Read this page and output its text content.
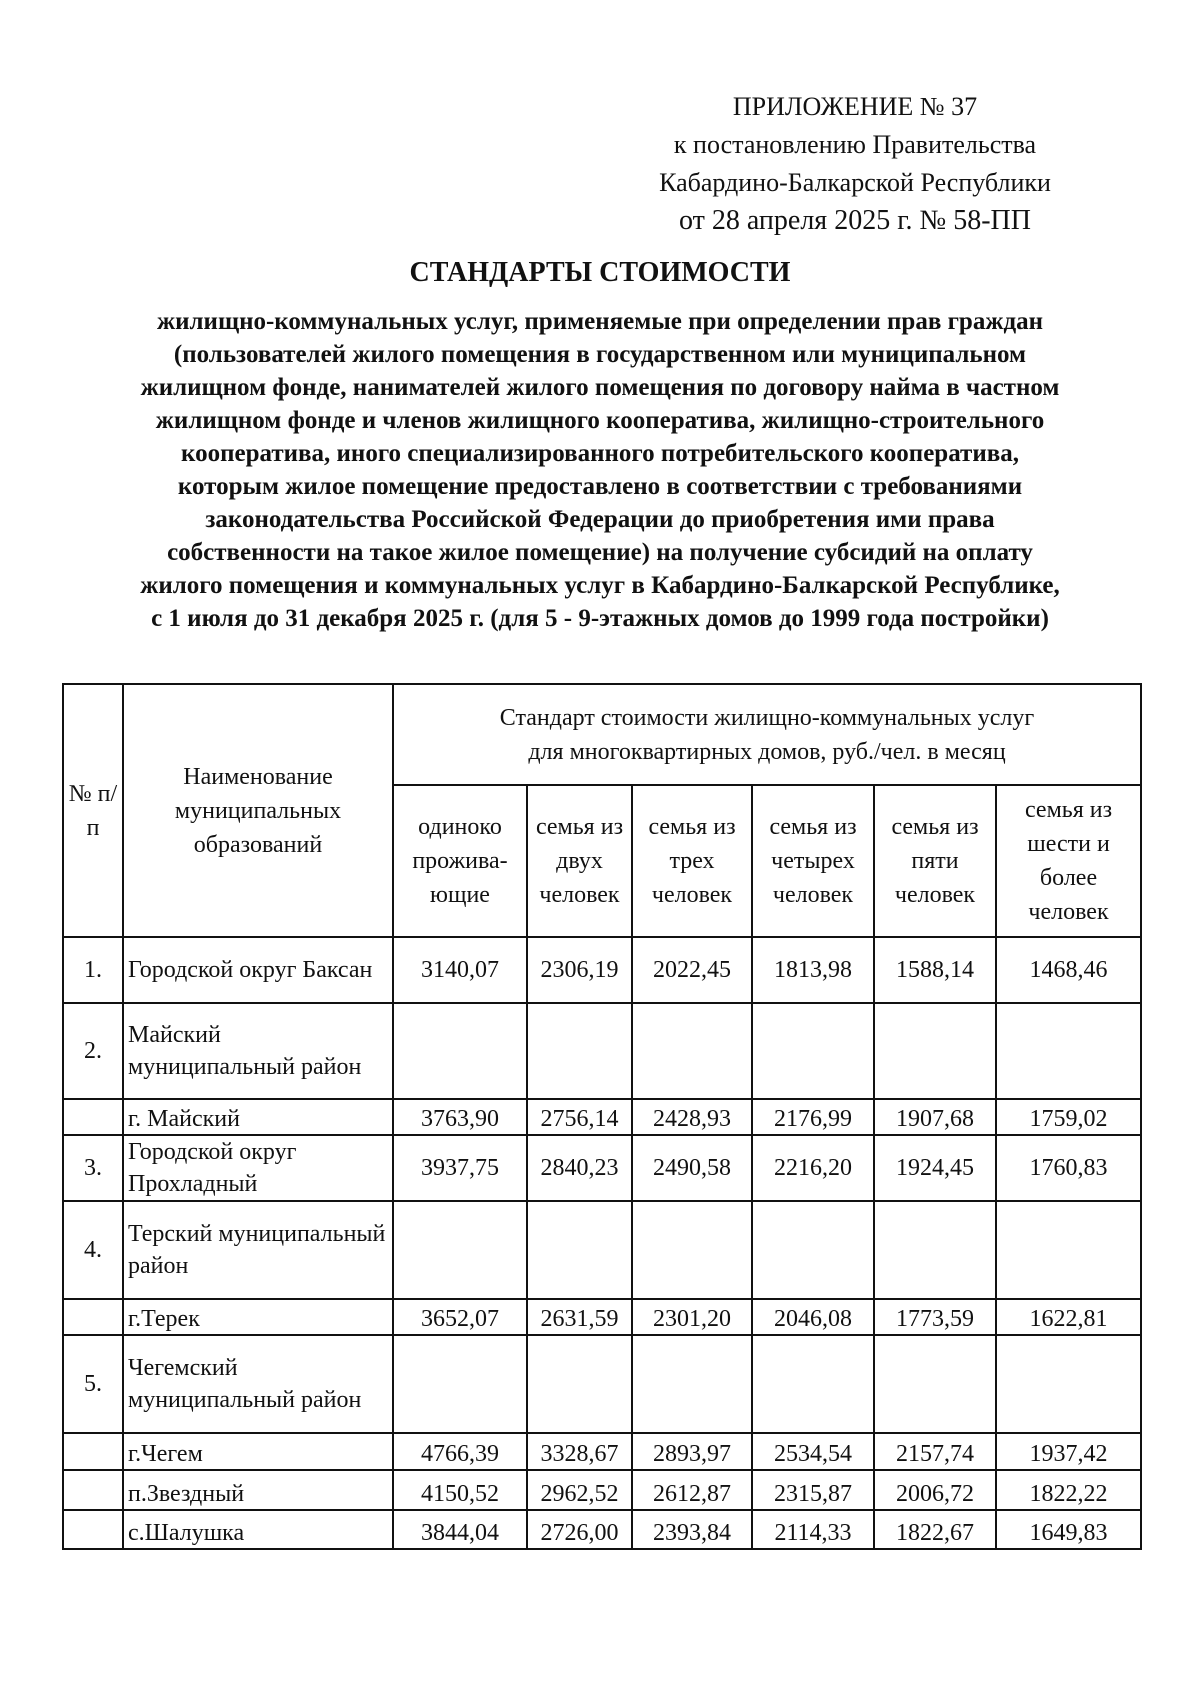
ПРИЛОЖЕНИЕ № 37
к постановлению Правительства
Кабардино-Балкарской Республики
от 28 апреля 2025 г. № 58-ПП
СТАНДАРТЫ СТОИМОСТИ
жилищно-коммунальных услуг, применяемые при определении прав граждан
(пользователей жилого помещения в государственном или муниципальном
жилищном фонде, нанимателей жилого помещения по договору найма в частном
жилищном фонде и членов жилищного кооператива, жилищно-строительного
кооператива, иного специализированного потребительского кооператива,
которым жилое помещение предоставлено в соответствии с требованиями
законодательства Российской Федерации до приобретения ими права
собственности на такое жилое помещение) на получение субсидий на оплату
жилого помещения и коммунальных услуг в Кабардино-Балкарской Республике,
с 1 июля до 31 декабря 2025 г. (для 5 - 9-этажных домов до 1999 года постройки)
№ п/п	Наименование муниципальных образований	Стандарт стоимости жилищно-коммунальных услуг
для многоквартирных домов, руб./чел. в месяц					

		одиноко прожива-ющие	семья из двух человек	семья из трех человек	семья из четырех человек	семья из пяти человек	семья из шести и более человек
1.	Городской округ Баксан	3140,07	2306,19	2022,45	1813,98	1588,14	1468,46
2.	Майский муниципальный район						
	г. Майский	3763,90	2756,14	2428,93	2176,99	1907,68	1759,02
3.	Городской округ Прохладный	3937,75	2840,23	2490,58	2216,20	1924,45	1760,83
4.	Терский муниципальный район						
	г.Терек	3652,07	2631,59	2301,20	2046,08	1773,59	1622,81
5.	Чегемский муниципальный район						
	г.Чегем	4766,39	3328,67	2893,97	2534,54	2157,74	1937,42
	п.Звездный	4150,52	2962,52	2612,87	2315,87	2006,72	1822,22
	с.Шалушка	3844,04	2726,00	2393,84	2114,33	1822,67	1649,83
